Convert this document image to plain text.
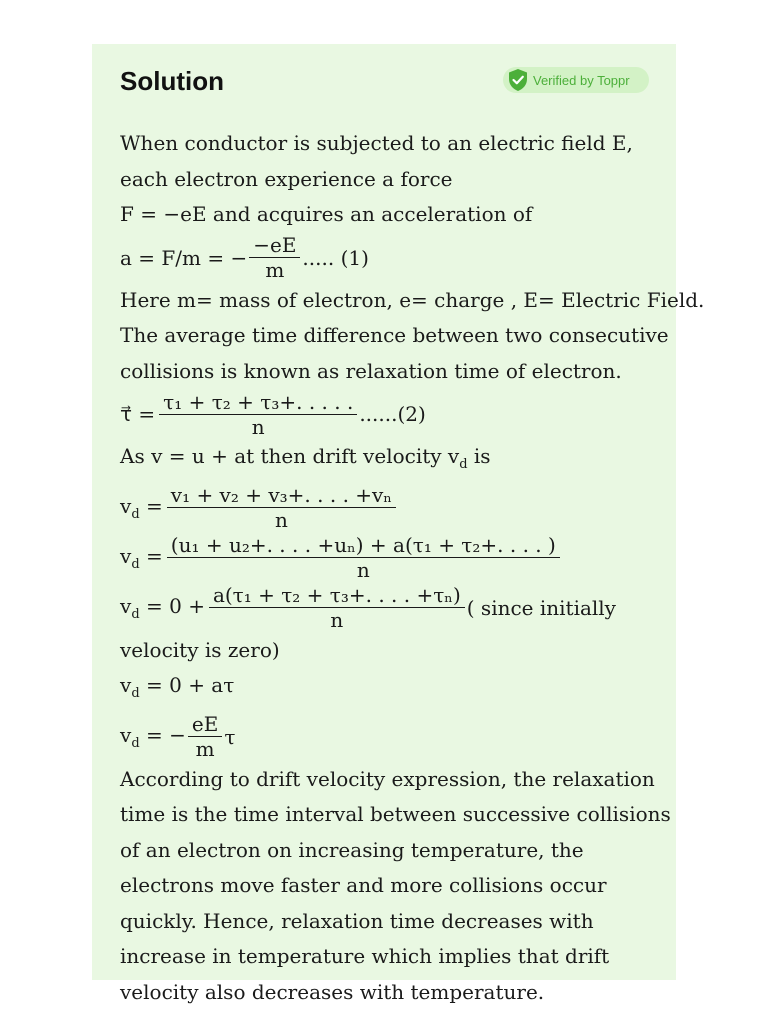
Solution	Verified by Toppr
When conductor is subjected to an electric field E,
each electron experience a force
F = −eE and acquires an acceleration of
a = F/m = − $\frac{-eE}{m}$ ..... (1)
Here m= mass of electron, e= charge , E= Electric Field.
The average time difference between two consecutive
collisions is known as relaxation time of electron.
τ⃗ = $\frac{\text{τ₁ + τ₂ + τ₃+. . . . .}}{n} ......(2)$
As v = u + at then drift velocity $v_d$ is
$v_d = \frac{\text{v₁ + v₂ + v₃+. . . . +vₙ}}{n}$
$v_d = \frac{\text{(u₁ + u₂+. . . . +uₙ) + a(τ₁ + τ₂+. . . . )}}{n}$
$v_d = 0 + \frac{\text{a(τ₁ + τ₂ + τ₃+. . . . +τₙ)}}{n}$ ( since initially
velocity is zero)
$v_d = 0 + a\tau$
$v_d$ = − $\frac{eE}{m}$ τ
According to drift velocity expression, the relaxation
time is the time interval between successive collisions
of an electron on increasing temperature, the
electrons move faster and more collisions occur
quickly. Hence, relaxation time decreases with
increase in temperature which implies that drift
velocity also decreases with temperature.
